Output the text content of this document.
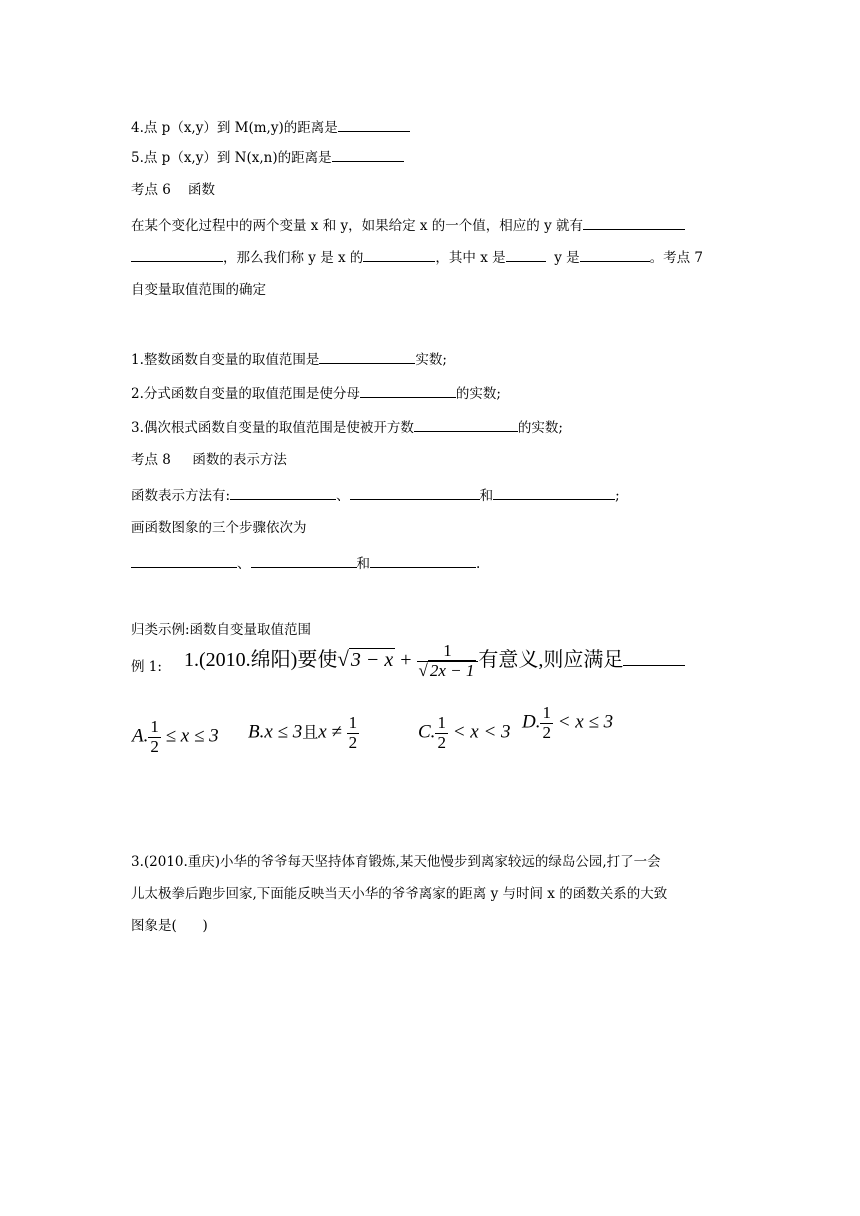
4.点 p（x,y）到 M(m,y)的距离是
5.点 p（x,y）到 N(x,n)的距离是
考点 6    函数
在某个变化过程中的两个变量 x 和 y，如果给定 x 的一个值，相应的 y 就有
，那么我们称 y 是 x 的	，其中 x 是	y 是	。考点 7
自变量取值范围的确定
1.整数函数自变量的取值范围是	实数;
2.分式函数自变量的取值范围是使分母	的实数;
3.偶次根式函数自变量的取值范围是使被开方数	的实数;
考点 8     函数的表示方法
函数表示方法有:	、	和	;
画函数图象的三个步骤依次为
、	和	.
归类示例:函数自变量取值范围
例 1: 1.(2010.绵阳)要使√ $3 - x + \frac{1}{√ 2x - 1}$ 有意义,则应满足
A. $\frac{1}{2} \le x \le 3$ B.x ≤ 3且$x \ne \frac{1}{2}$	C. $\frac{1}{2} < x < 3$ D. $\frac{1}{2} < x \le 3$
3.(2010.重庆)小华的爷爷每天坚持体育锻炼,某天他慢步到离家较远的绿岛公园,打了一会
儿太极拳后跑步回家,下面能反映当天小华的爷爷离家的距离 y 与时间 x 的函数关系的大致
图象是(      )
